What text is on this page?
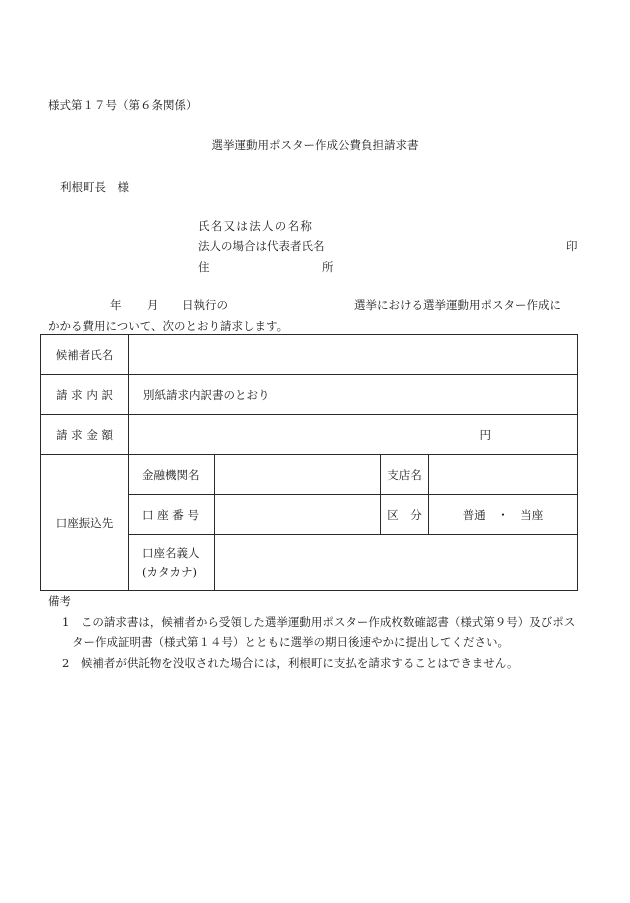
様式第１７号（第６条関係）
選挙運動用ポスター作成公費負担請求書
利根町長　様
氏名又は法人の名称
法人の場合は代表者氏名	印
住	所
年 月 日執行の	選挙における選挙運動用ポスター作成に
かかる費用について、次のとおり請求します。
候補者氏名				
請 求 内 訳	別紙請求内訳書のとおり			
請 求 金 額	円			
口座振込先	金融機関名		支店名	
	口 座 番 号		区　分	普通　・　当座

	口座名義人
(カタカナ)			

備考
1　この請求書は，候補者から受領した選挙運動用ポスター作成枚数確認書（様式第９号）及びポス
ター作成証明書（様式第１４号）とともに選挙の期日後速やかに提出してください。
2　候補者が供託物を没収された場合には，利根町に支払を請求することはできません。
